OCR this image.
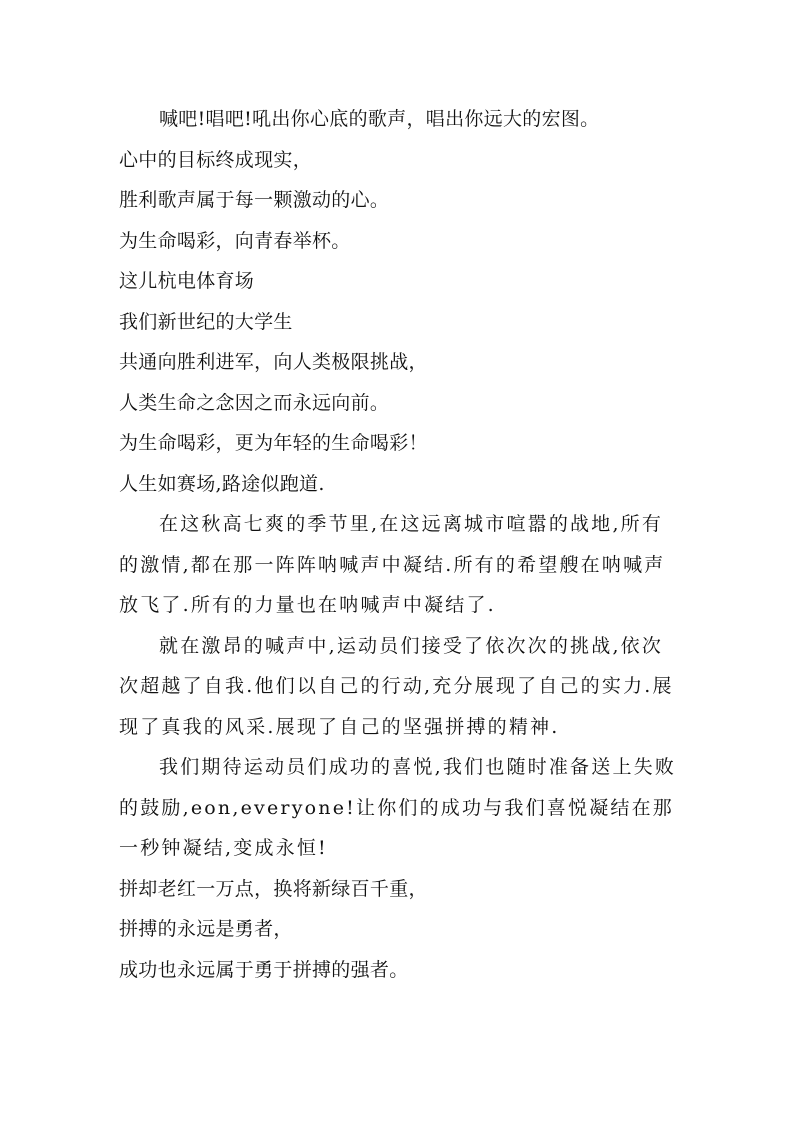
喊吧!唱吧!吼出你心底的歌声，唱出你远大的宏图。

心中的目标终成现实，

胜利歌声属于每一颗激动的心。

为生命喝彩，向青春举杯。

这儿杭电体育场

我们新世纪的大学生

共通向胜利进军，向人类极限挑战，

人类生命之念因之而永远向前。

为生命喝彩，更为年轻的生命喝彩！

人生如赛场,路途似跑道.

在这秋高七爽的季节里,在这远离城市喧嚣的战地,所有的激情,都在那一阵阵呐喊声中凝结.所有的希望艘在呐喊声放飞了.所有的力量也在呐喊声中凝结了.

就在激昂的喊声中,运动员们接受了依次次的挑战,依次次超越了自我.他们以自己的行动,充分展现了自己的实力.展现了真我的风采.展现了自己的坚强拼搏的精神.

我们期待运动员们成功的喜悦,我们也随时准备送上失败的鼓励,eon,everyone!让你们的成功与我们喜悦凝结在那一秒钟凝结,变成永恒!

拼却老红一万点，换将新绿百千重，

拼搏的永远是勇者，

成功也永远属于勇于拼搏的强者。
